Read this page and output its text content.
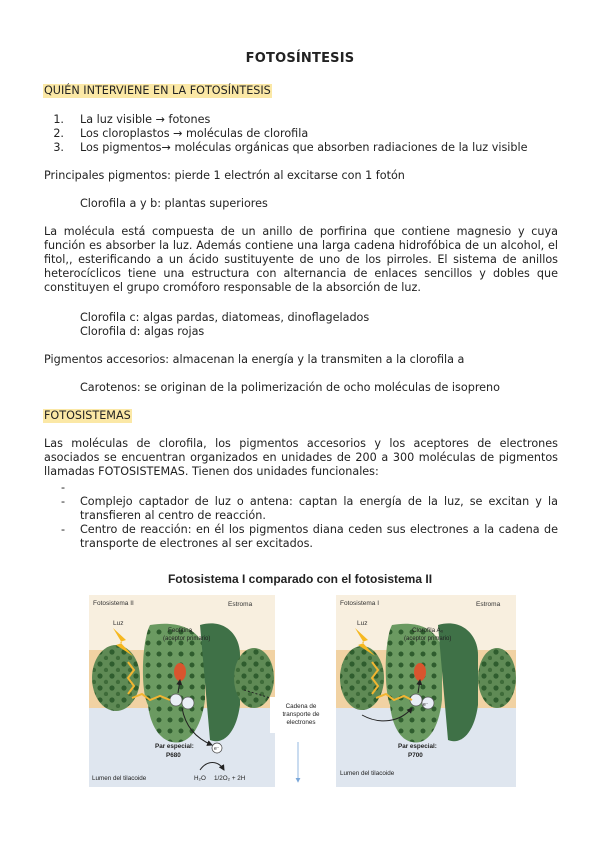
FOTOSÍNTESIS
QUIÉN INTERVIENE EN LA FOTOSÍNTESIS
1. La luz visible → fotones
2. Los cloroplastos → moléculas de clorofila
3. Los pigmentos→ moléculas orgánicas que absorben radiaciones de la luz visible
Principales pigmentos: pierde 1 electrón al excitarse con 1 fotón
Clorofila a y b: plantas superiores
La molécula está compuesta de un anillo de porfirina que contiene magnesio y cuya función es absorber la luz. Además contiene una larga cadena hidrofóbica de un alcohol, el fitol,, esterificando a un ácido sustituyente de uno de los pirroles. El sistema de anillos heterocíclicos tiene una estructura con alternancia de enlaces sencillos y dobles que constituyen el grupo cromóforo responsable de la absorción de luz.
Clorofila c: algas pardas, diatomeas, dinoflagelados
Clorofila d: algas rojas
Pigmentos accesorios: almacenan la energía y la transmiten a la clorofila a
Carotenos: se originan de la polimerización de ocho moléculas de isopreno
FOTOSISTEMAS
Las moléculas de clorofila, los pigmentos accesorios y los aceptores de electrones asociados se encuentran organizados en unidades de 200 a 300 moléculas de pigmentos llamadas FOTOSISTEMAS. Tienen dos unidades funcionales:
-
- Complejo captador de luz o antena: captan la energía de la luz, se excitan y la transfieren al centro de reacción.
- Centro de reacción: en él los pigmentos diana ceden sus electrones a la cadena de transporte de electrones al ser excitados.
Fotosistema I comparado con el fotosistema II
Fotosistema II	Estroma
Luz
Feofitina
(aceptor primario)
Par especial:
P680
Lumen del tilacoide	H₂O 1/2O₂ + 2H
e⁻
Cadena de
transporte de
electrones
Fotosistema I	Estroma
Luz
Clorofila A₀
(aceptor primario)
Par especial:
P700
Lumen del tilacoide
e⁻
